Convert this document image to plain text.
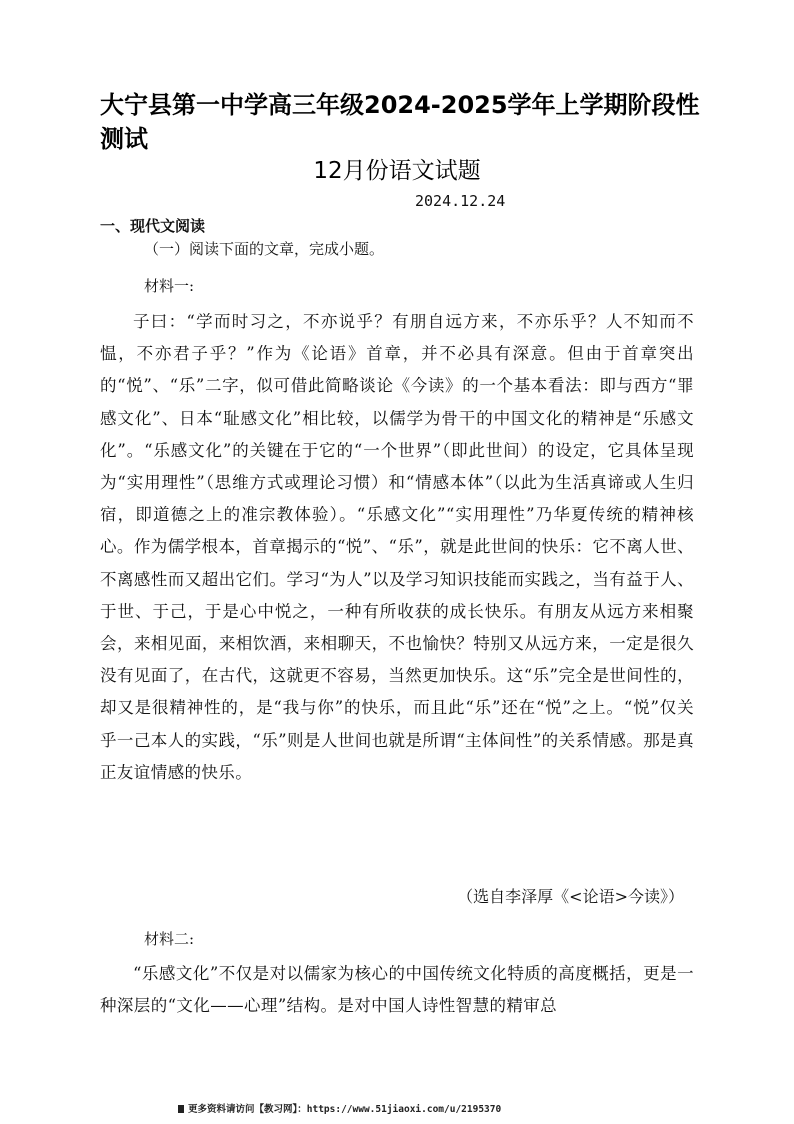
大宁县第一中学高三年级2024-2025学年上学期阶段性测试
12月份语文试题
2024.12.24
一、现代文阅读
（一）阅读下面的文章，完成小题。
材料一:

子曰：“学而时习之，不亦说乎？有朋自远方来，不亦乐乎？人不知而不愠，不亦君子乎？”作为《论语》首章，并不必具有深意。但由于首章突出的“悦”、“乐”二字，似可借此简略谈论《今读》的一个基本看法：即与西方“罪感文化”、日本“耻感文化”相比较，以儒学为骨干的中国文化的精神是“乐感文化”。“乐感文化”的关键在于它的“一个世界”（即此世间）的设定，它具体呈现为“实用理性”（思维方式或理论习惯）和“情感本体”（以此为生活真谛或人生归宿，即道德之上的准宗教体验）。“乐感文化”“实用理性”乃华夏传统的精神核心。作为儒学根本，首章揭示的“悦”、“乐”，就是此世间的快乐：它不离人世、不离感性而又超出它们。学习“为人”以及学习知识技能而实践之，当有益于人、于世、于己，于是心中悦之，一种有所收获的成长快乐。有朋友从远方来相聚会，来相见面，来相饮酒，来相聊天，不也愉快？特别又从远方来，一定是很久没有见面了，在古代，这就更不容易，当然更加快乐。这“乐”完全是世间性的，却又是很精神性的，是“我与你”的快乐，而且此“乐”还在“悦”之上。“悦”仅关乎一己本人的实践，“乐”则是人世间也就是所谓“主体间性”的关系情感。那是真正友谊情感的快乐。

（选自李泽厚《<论语>今读》）
材料二:

“乐感文化”不仅是对以儒家为核心的中国传统文化特质的高度概括，更是一种深层的“文化——心理”结构。是对中国人诗性智慧的精审总

更多资料请访问【教习网】：https://www.51jiaoxi.com/u/2195370
